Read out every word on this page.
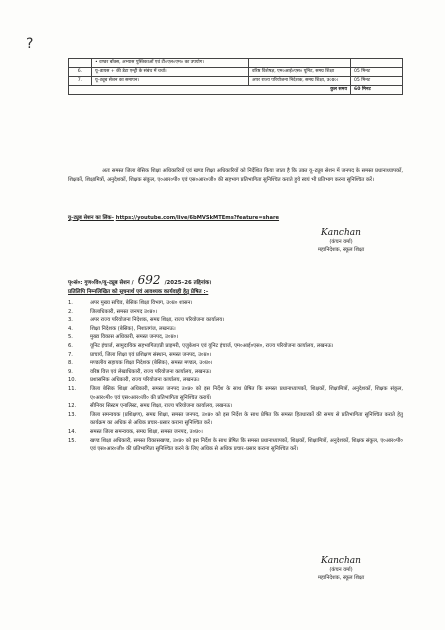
?
	• वण्डर बॉक्स, अभ्यास पुस्तिकाओं एवं टी०एल०एम० का उपयोग।		
6.	यू–डायस + की डेटा एन्ट्री के संबंध में चर्चा।	वरिष्ठ विशेषज्ञ, एम०आई०एस० यूनिट, समग्र शिक्षा	05 मिनट
7.	यू–ट्यूब सेशन का समापन।	अपर राज्य परियोजना निदेशक, समग्र शिक्षा, उ०प्र०।	05 मिनट
कुल समय			60 मिनट

अतः समस्त जिला बेसिक शिक्षा अधिकारियों एवं खण्ड शिक्षा अधिकारियों को निर्देशित किया जाता है कि उक्त यू–ट्यूब सेशन में जनपद के समस्त प्रधानाध्यापकों, शिक्षकों, शिक्षामित्रों, अनुदेशकों, शिक्षक संकुल, ए०आर०पी० एवं एस०आर०जी० की सहभाग प्रतिभागिता सुनिश्चित कराते हुये स्वयं भी प्रतिभाग करना सुनिश्चित करें।

यू–ट्यूब सेशन का लिंक– https://youtube.com/live/6bMVSkMTEms?feature=share

Kanchan
(कंचन वर्मा)
महानिदेशक, स्कूल शिक्षा
पृ०सं०: गुण०वि०/यू–ट्यूब सेशन / 692 /2025–26 तद्दिनांक।
प्रतिलिपि निम्नलिखित को सूचनार्थ एवं आवश्यक कार्यवाही हेतु प्रेषित :–
1.	अपर मुख्य सचिव, बेसिक शिक्षा विभाग, उ०प्र० शासन।
2.	जिलाधिकारी, समस्त जनपद उ०प्र०।
3.	अपर राज्य परियोजना निदेशक, समग्र शिक्षा, राज्य परियोजना कार्यालय।
4.	शिक्षा निदेशक (बेसिक), निशातगंज, लखनऊ।
5.	मुख्य विकास अधिकारी, समस्त जनपद, उ०प्र०।
6.	यूनिट इंचार्ज, सामुदायिक सहभागिता/प्री प्राइमरी, एजुकेशन एवं यूनिट इंचार्ज, एम०आई०एस०, राज्य परियोजना कार्यालय, लखनऊ।
7.	प्राचार्य, जिला शिक्षा एवं प्रशिक्षण संस्थान, समस्त जनपद, उ०प्र०।
8.	मण्डलीय सहायक शिक्षा निदेशक (बेसिक), समस्त मण्डल, उ०प्र०।
9.	वरिष्ठ वित्त एवं लेखाधिकारी, राज्य परियोजना कार्यालय, लखनऊ।
10.	प्रशासनिक अधिकारी, राज्य परियोजना कार्यालय, लखनऊ।
11.	जिला बेसिक शिक्षा अधिकारी, समस्त जनपद उ०प्र० को इस निर्देश के साथ प्रेषित कि समस्त प्रधानाध्यापकों, शिक्षकों, शिक्षामित्रों, अनुदेशकों, शिक्षक संकुल, ए०आर०पी० एवं एस०आर०जी० की प्रतिभागिता सुनिश्चित करायें।
12.	सीनियर सिस्टम एनालिस्ट, समग्र शिक्षा, राज्य परियोजना कार्यालय, लखनऊ।
13.	जिला समन्वयक (प्रशिक्षण), समग्र शिक्षा, समस्त जनपद, उ०प्र० को इस निर्देश के साथ प्रेषित कि समस्त हितधारकों की समय से प्रतिभागिता सुनिश्चित कराते हेतु कार्यक्रम का अधिक से अधिक प्रचार–प्रसार कराना सुनिश्चित करें।
14.	समस्त जिला समन्वयक, समग्र शिक्षा, समस्त जनपद, उ०प्र०।
15.	खण्ड शिक्षा अधिकारी, समस्त विकासखण्ड, उ०प्र० को इस निर्देश के साथ प्रेषित कि समस्त प्रधानाध्यापकों, शिक्षकों, शिक्षामित्रों, अनुदेशकों, शिक्षक संकुल, ए०आर०पी० एवं एस०आर०जी० की प्रतिभागिता सुनिश्चित करने के लिए अधिक से अधिक प्रचार–प्रसार कराना सुनिश्चित करें।
Kanchan
(कंचन वर्मा)
महानिदेशक, स्कूल शिक्षा
